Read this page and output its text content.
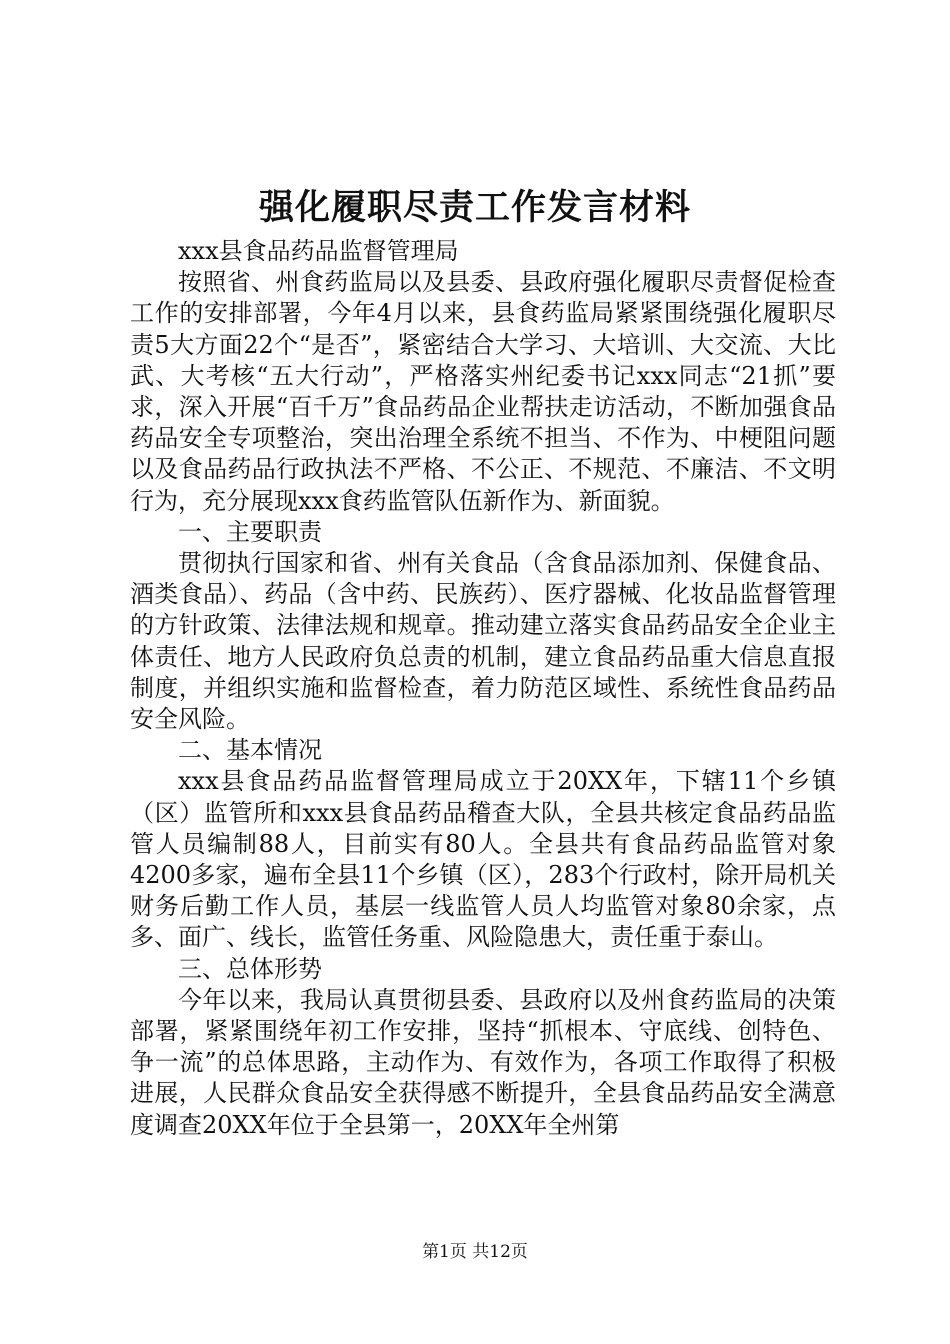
强化履职尽责工作发言材料

xxx县食品药品监督管理局

按照省、州食药监局以及县委、县政府强化履职尽责督促检查工作的安排部署，今年4月以来，县食药监局紧紧围绕强化履职尽责5大方面22个“是否”，紧密结合大学习、大培训、大交流、大比武、大考核“五大行动”，严格落实州纪委书记xxx同志“21抓”要求，深入开展“百千万”食品药品企业帮扶走访活动，不断加强食品药品安全专项整治，突出治理全系统不担当、不作为、中梗阻问题以及食品药品行政执法不严格、不公正、不规范、不廉洁、不文明行为，充分展现xxx食药监管队伍新作为、新面貌。

一、主要职责

贯彻执行国家和省、州有关食品（含食品添加剂、保健食品、酒类食品）、药品（含中药、民族药）、医疗器械、化妆品监督管理的方针政策、法律法规和规章。推动建立落实食品药品安全企业主体责任、地方人民政府负总责的机制，建立食品药品重大信息直报制度，并组织实施和监督检查，着力防范区域性、系统性食品药品安全风险。

二、基本情况

xxx县食品药品监督管理局成立于20XX年，下辖11个乡镇（区）监管所和xxx县食品药品稽查大队，全县共核定食品药品监管人员编制88人，目前实有80人。全县共有食品药品监管对象4200多家，遍布全县11个乡镇（区），283个行政村，除开局机关财务后勤工作人员，基层一线监管人员人均监管对象80余家，点多、面广、线长，监管任务重、风险隐患大，责任重于泰山。

三、总体形势

今年以来，我局认真贯彻县委、县政府以及州食药监局的决策部署，紧紧围绕年初工作安排，坚持“抓根本、守底线、创特色、争一流”的总体思路，主动作为、有效作为，各项工作取得了积极进展，人民群众食品安全获得感不断提升，全县食品药品安全满意度调查20XX年位于全县第一，20XX年全州第

第1页 共12页
